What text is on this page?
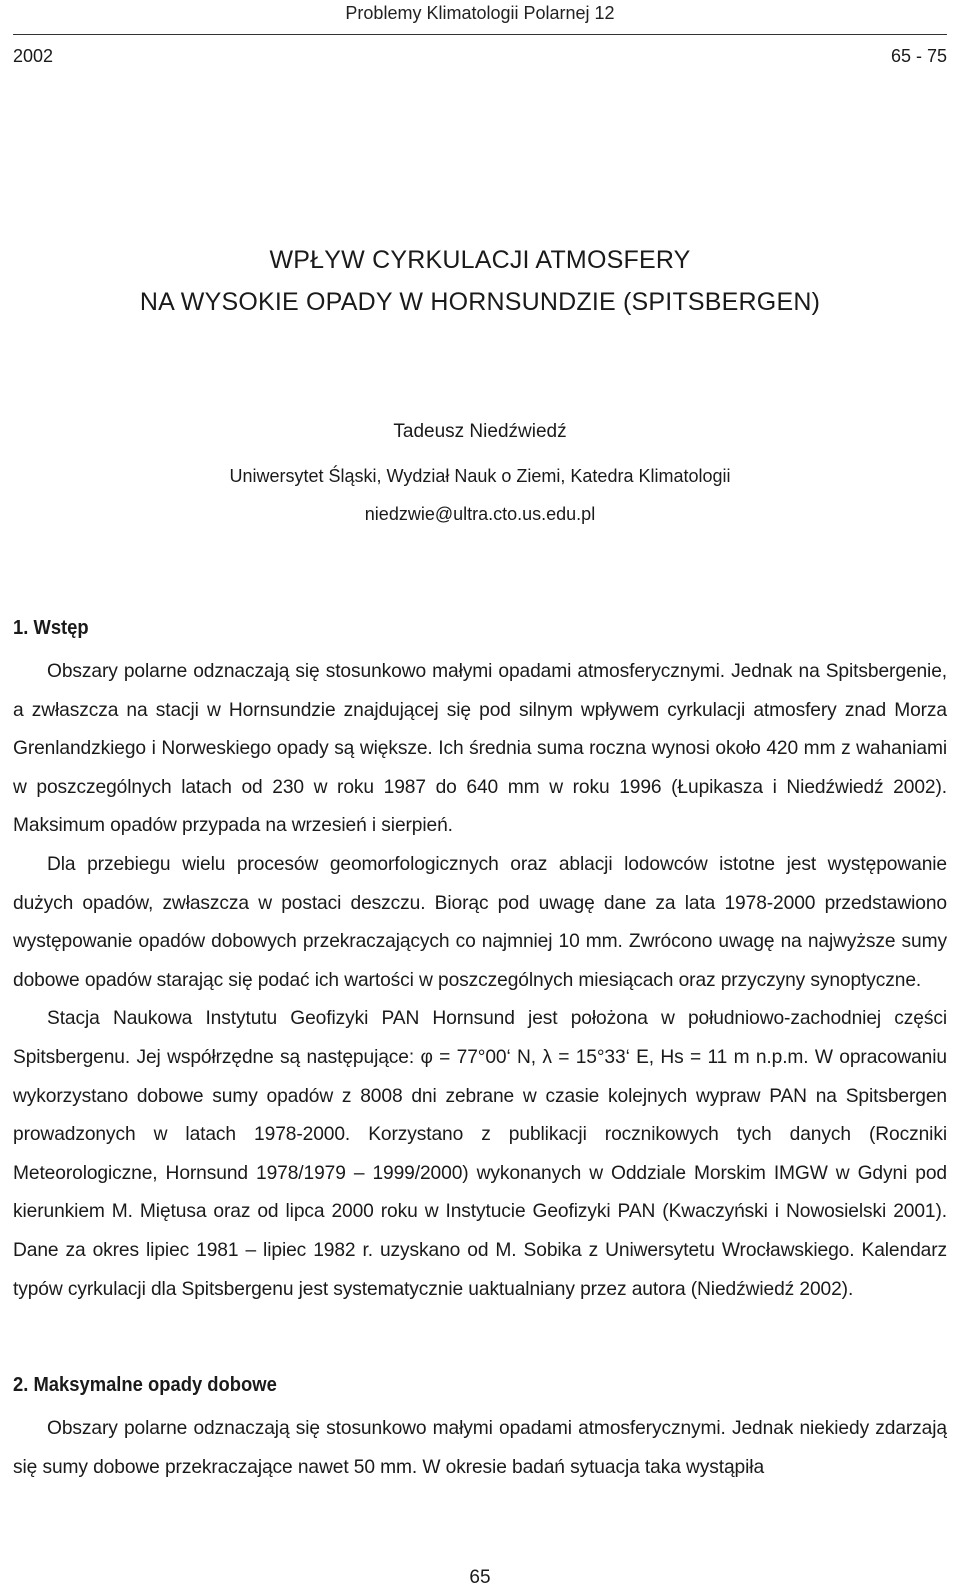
Problemy Klimatologii Polarnej 12
2002	65 - 75
WPŁYW CYRKULACJI ATMOSFERY
NA WYSOKIE OPADY W HORNSUNDZIE (SPITSBERGEN)
Tadeusz Niedźwiedź
Uniwersytet Śląski, Wydział Nauk o Ziemi, Katedra Klimatologii
niedzwie@ultra.cto.us.edu.pl
1. Wstęp

Obszary polarne odznaczają się stosunkowo małymi opadami atmosferycznymi. Jednak na Spitsbergenie, a zwłaszcza na stacji w Hornsundzie znajdującej się pod silnym wpływem cyrkulacji atmosfery znad Morza Grenlandzkiego i Norweskiego opady są większe. Ich średnia suma roczna wynosi około 420 mm z wahaniami w poszczególnych latach od 230 w roku 1987 do 640 mm w roku 1996 (Łupikasza i Niedźwiedź 2002). Maksimum opadów przypada na wrzesień i sierpień.

Dla przebiegu wielu procesów geomorfologicznych oraz ablacji lodowców istotne jest występowanie dużych opadów, zwłaszcza w postaci deszczu. Biorąc pod uwagę dane za lata 1978-2000 przedstawiono występowanie opadów dobowych przekraczających co najmniej 10 mm. Zwrócono uwagę na najwyższe sumy dobowe opadów starając się podać ich wartości w poszczególnych miesiącach oraz przyczyny synoptyczne.

Stacja Naukowa Instytutu Geofizyki PAN Hornsund jest położona w południowo-zachodniej części Spitsbergenu. Jej współrzędne są następujące: φ = 77°00‘ N, λ = 15°33‘ E, Hs = 11 m n.p.m. W opracowaniu wykorzystano dobowe sumy opadów z 8008 dni zebrane w czasie kolejnych wypraw PAN na Spitsbergen prowadzonych w latach 1978-2000. Korzystano z publikacji rocznikowych tych danych (Roczniki Meteorologiczne, Hornsund 1978/1979 – 1999/2000) wykonanych w Oddziale Morskim IMGW w Gdyni pod kierunkiem M. Miętusa oraz od lipca 2000 roku w Instytucie Geofizyki PAN (Kwaczyński i Nowosielski 2001). Dane za okres lipiec 1981 – lipiec 1982 r. uzyskano od M. Sobika z Uniwersytetu Wrocławskiego. Kalendarz typów cyrkulacji dla Spitsbergenu jest systematycznie uaktualniany przez autora (Niedźwiedź 2002).

2. Maksymalne opady dobowe

Obszary polarne odznaczają się stosunkowo małymi opadami atmosferycznymi. Jednak niekiedy zdarzają się sumy dobowe przekraczające nawet 50 mm. W okresie badań sytuacja taka wystąpiła

65
